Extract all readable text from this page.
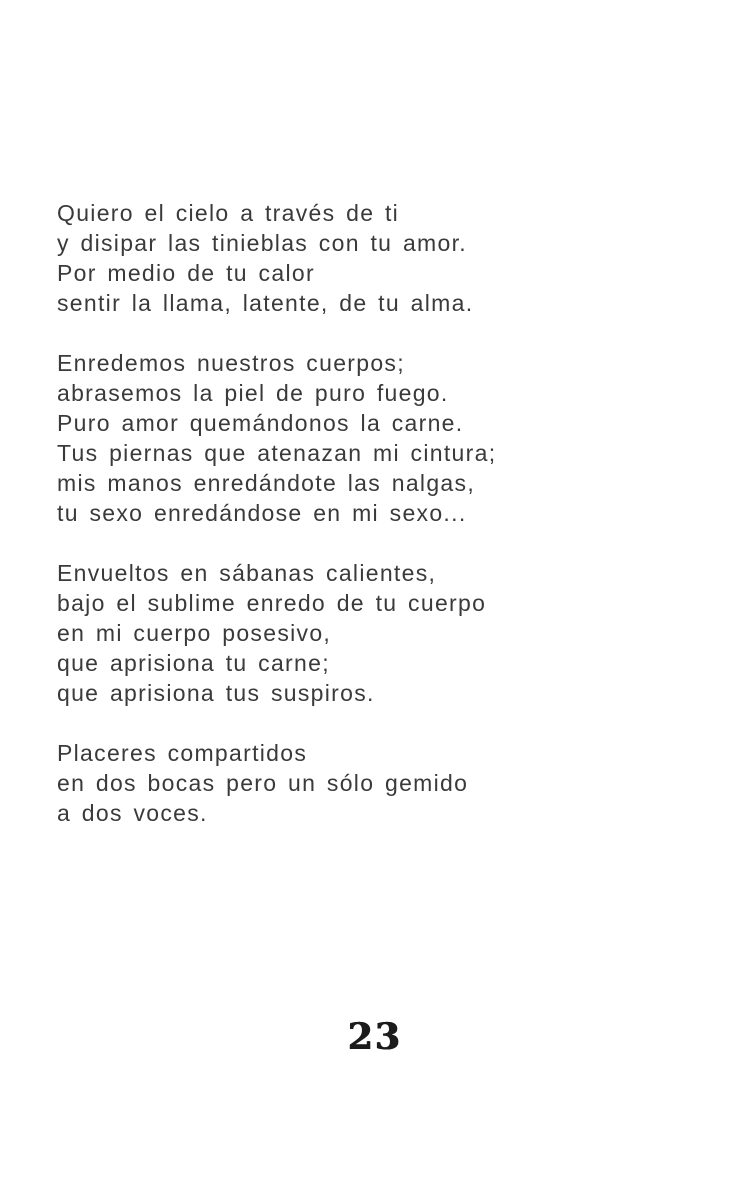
Quiero el cielo a través de ti
y disipar las tinieblas con tu amor.
Por medio de tu calor
sentir la llama, latente, de tu alma.
Enredemos nuestros cuerpos;
abrasemos la piel de puro fuego.
Puro amor quemándonos la carne.
Tus piernas que atenazan mi cintura;
mis manos enredándote las nalgas,
tu sexo enredándose en mi sexo...
Envueltos en sábanas calientes,
bajo el sublime enredo de tu cuerpo
en mi cuerpo posesivo,
que aprisiona tu carne;
que aprisiona tus suspiros.
Placeres compartidos
en dos bocas pero un sólo gemido
a dos voces.
23
